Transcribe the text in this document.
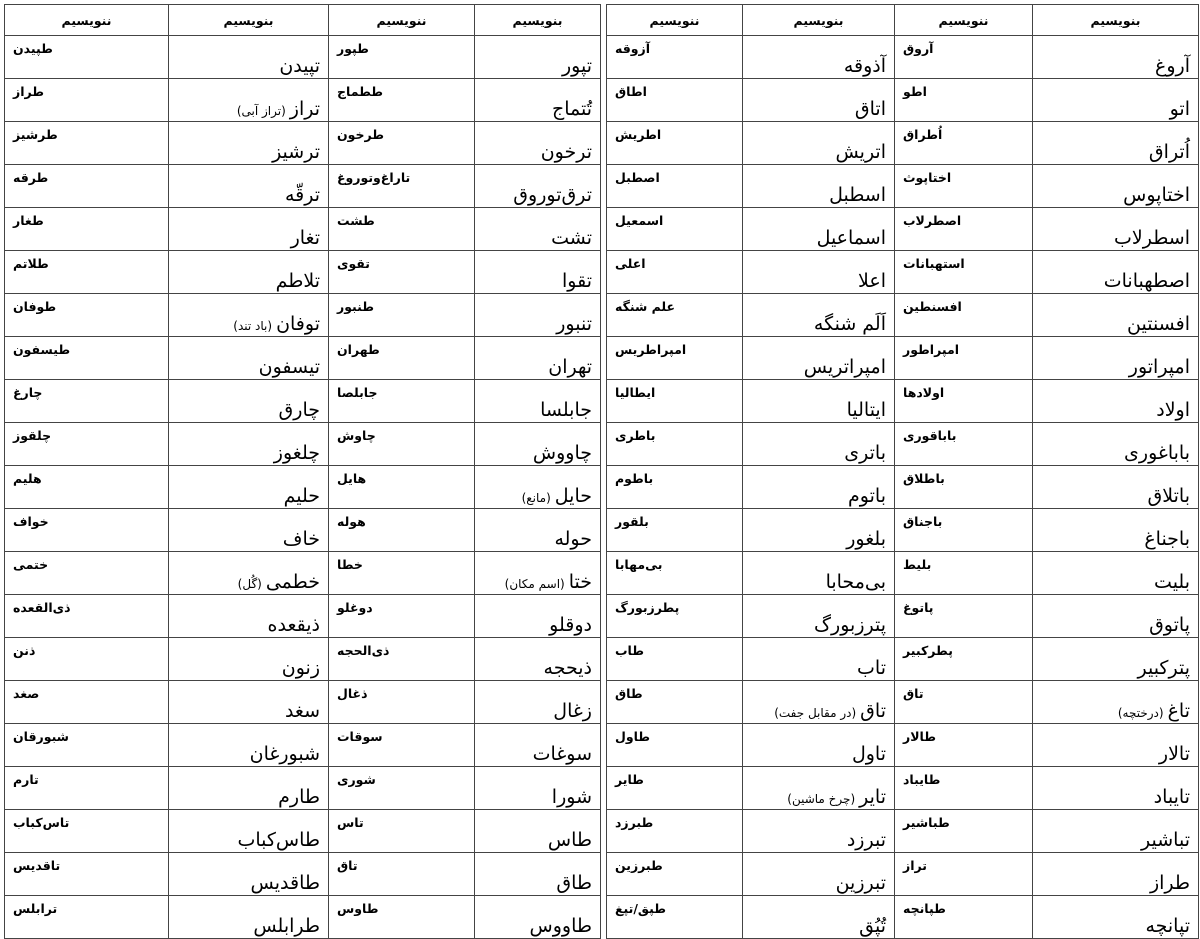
بنویسیم	ننویسیم	بنویسیم	ننویسیم
آروغ	آروق	آذوقه	آزوقه
اتو	اطو	اتاق	اطاق
اُتراق	اُطراق	اتریش	اطریش
اختاپوس	اختاپوث	اسطبل	اصطبل
اسطرلاب	اصطرلاب	اسماعیل	اسمعیل
اصطهبانات	استهبانات	اعلا	اعلی
افسنتین	افسنطین	اَلَم شنگه	علم شنگه
امپراتور	امپراطور	امپراتریس	امپراطریس
اولاد	اولادها	ایتالیا	ایطالیا
باباغوری	باباقوری	باتری	باطری
باتلاق	باطلاق	باتوم	باطوم
باجناغ	باجناق	بلغور	بلقور
بلیت	بلیط	بی‌محابا	بی‌مهابا
پاتوق	پاتوغ	پترزبورگ	پطرزبورگ
پترکبیر	پطرکبیر	تاب	طاب
تاغ(درختچه)	تاق	تاق(در مقابل جفت)	طاق
تالار	طالار	تاول	طاول
تایباد	طایباد	تایر(چرخ ماشین)	طایر
تباشیر	طباشیر	تبرزد	طبرزد
طراز	تراز	تبرزین	طبرزین
تپانچه	طپانچه	تُپُق	طپق/تپغ
بنویسیم	ننویسیم	بنویسیم	ننویسیم
تپور	طپور	تپیدن	طپیدن
تُتماج	ططماج	تراز(تراز آبی)	طراز
ترخون	طرخون	ترشیز	طرشیز
ترق‌توروق	تاراغ‌وتوروغ	ترقّه	طرقه
تشت	طشت	تغار	طغار
تقوا	تقوی	تلاطم	طلاتم
تنبور	طنبور	توفان(باد تند)	طوفان
تهران	طهران	تیسفون	طیسفون
جابلسا	جابلصا	چارق	چارغ
چاووش	چاوش	چلغوز	چلقوز
حایل(مانع)	هایل	حلیم	هلیم
حوله	هوله	خاف	خواف
ختا(اسم مکان)	خطا	خطمی(گُل)	ختمی
دوقلو	دوغلو	ذیقعده	ذی‌القعده
ذیحجه	ذی‌الحجه	زنون	ذنن
زغال	ذغال	سغد	صغد
سوغات	سوقات	شبورغان	شبورقان
شورا	شوری	طارم	تارم
طاس	تاس	طاس‌کباب	تاس‌کباب
طاق	تاق	طاقدیس	تاقدیس
طاووس	طاوس	طرابلس	ترابلس
